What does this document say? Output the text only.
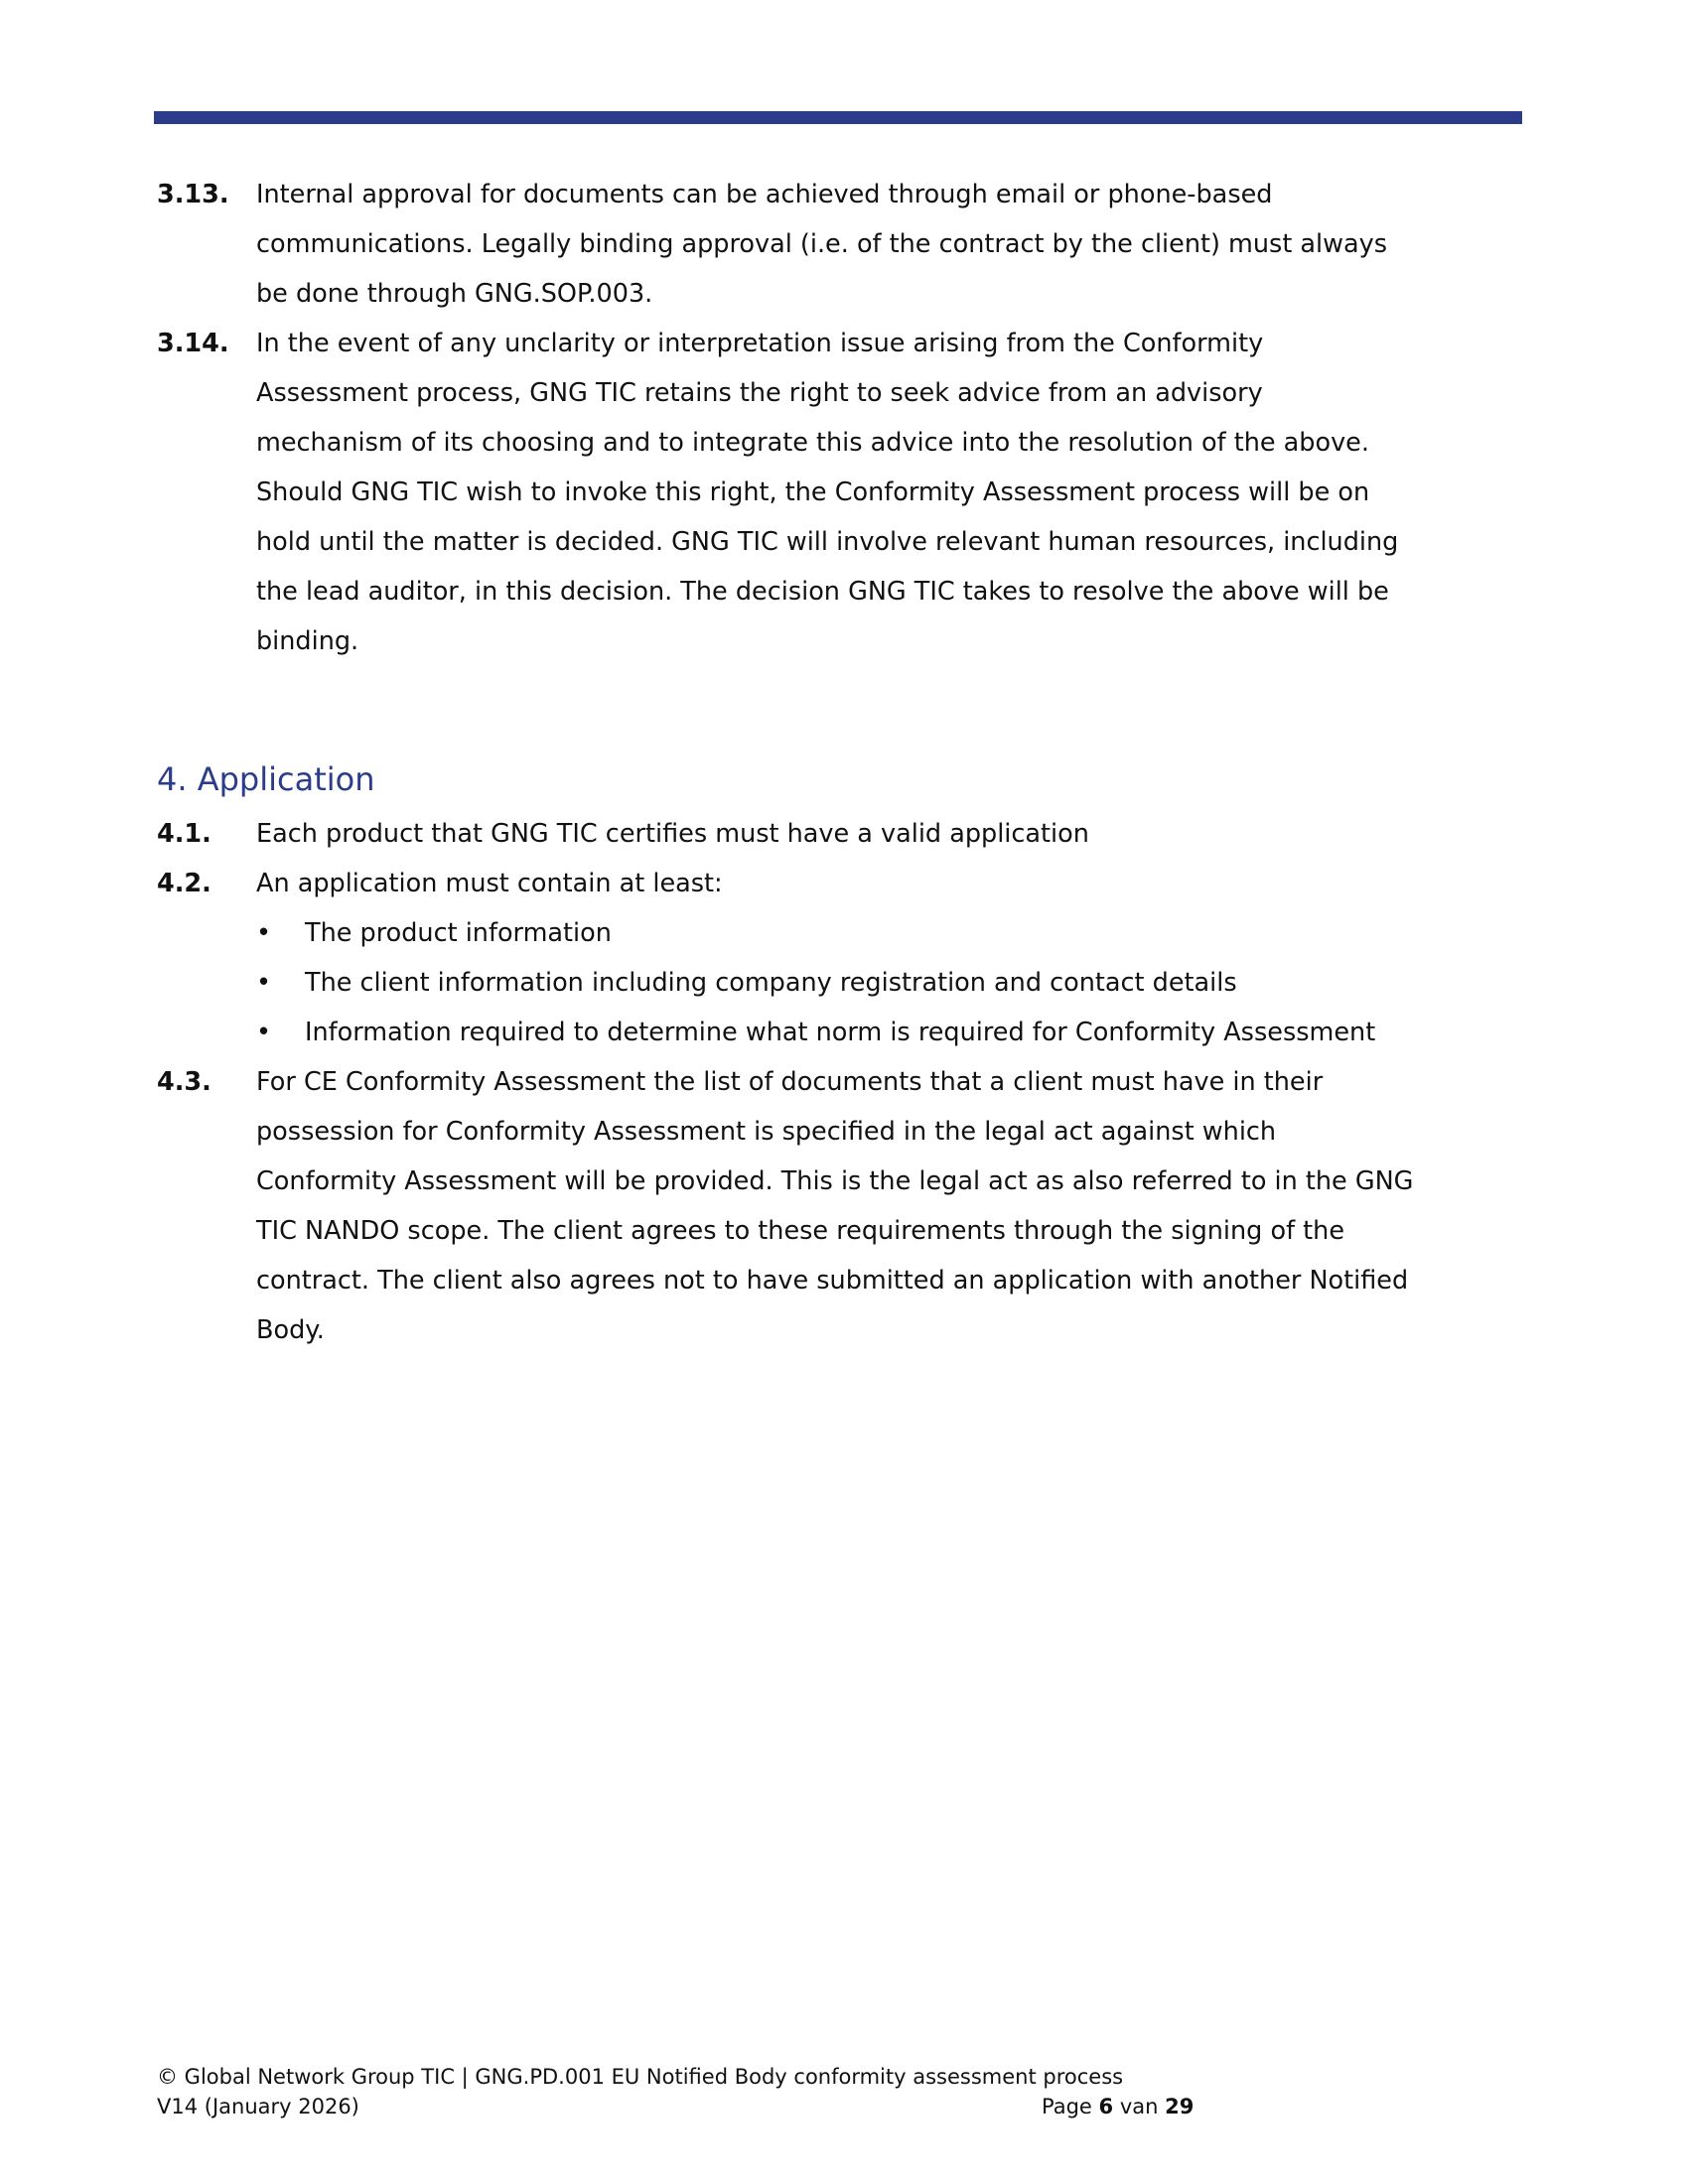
3.13. Internal approval for documents can be achieved through email or phone-based
communications. Legally binding approval (i.e. of the contract by the client) must always
be done through GNG.SOP.003.
3.14. In the event of any unclarity or interpretation issue arising from the Conformity
Assessment process, GNG TIC retains the right to seek advice from an advisory
mechanism of its choosing and to integrate this advice into the resolution of the above.
Should GNG TIC wish to invoke this right, the Conformity Assessment process will be on
hold until the matter is decided. GNG TIC will involve relevant human resources, including
the lead auditor, in this decision. The decision GNG TIC takes to resolve the above will be
binding.
4. Application
4.1. Each product that GNG TIC certifies must have a valid application
4.2. An application must contain at least:
• The product information
• The client information including company registration and contact details
• Information required to determine what norm is required for Conformity Assessment
4.3. For CE Conformity Assessment the list of documents that a client must have in their
possession for Conformity Assessment is specified in the legal act against which
Conformity Assessment will be provided. This is the legal act as also referred to in the GNG
TIC NANDO scope. The client agrees to these requirements through the signing of the
contract. The client also agrees not to have submitted an application with another Notified
Body.
© Global Network Group TIC | GNG.PD.001 EU Notified Body conformity assessment process
V14 (January 2026)	Page 6 van 29
